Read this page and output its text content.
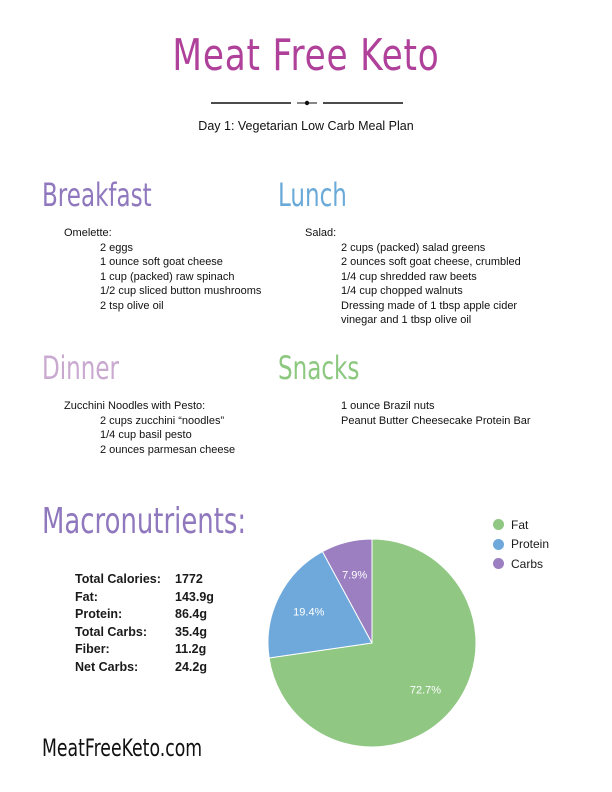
Meat Free Keto
Day 1: Vegetarian Low Carb Meal Plan
Breakfast
Omelette:
2 eggs
1 ounce soft goat cheese
1 cup (packed) raw spinach
1/2 cup sliced button mushrooms
2 tsp olive oil
Lunch
Salad:
2 cups (packed) salad greens
2 ounces soft goat cheese, crumbled
1/4 cup shredded raw beets
1/4 cup chopped walnuts
Dressing made of 1 tbsp apple cider
vinegar and 1 tbsp olive oil
Dinner
Zucchini Noodles with Pesto:
2 cups zucchini “noodles”
1/4 cup basil pesto
2 ounces parmesan cheese
Snacks
1 ounce Brazil nuts
Peanut Butter Cheesecake Protein Bar
Macronutrients:
Total Calories:	1772
Fat:	143.9g
Protein:	86.4g
Total Carbs:	35.4g
Fiber:	11.2g
Net Carbs:	24.2g
72.7%
19.4%
7.9%
Fat
Protein
Carbs
MeatFreeKeto.com
